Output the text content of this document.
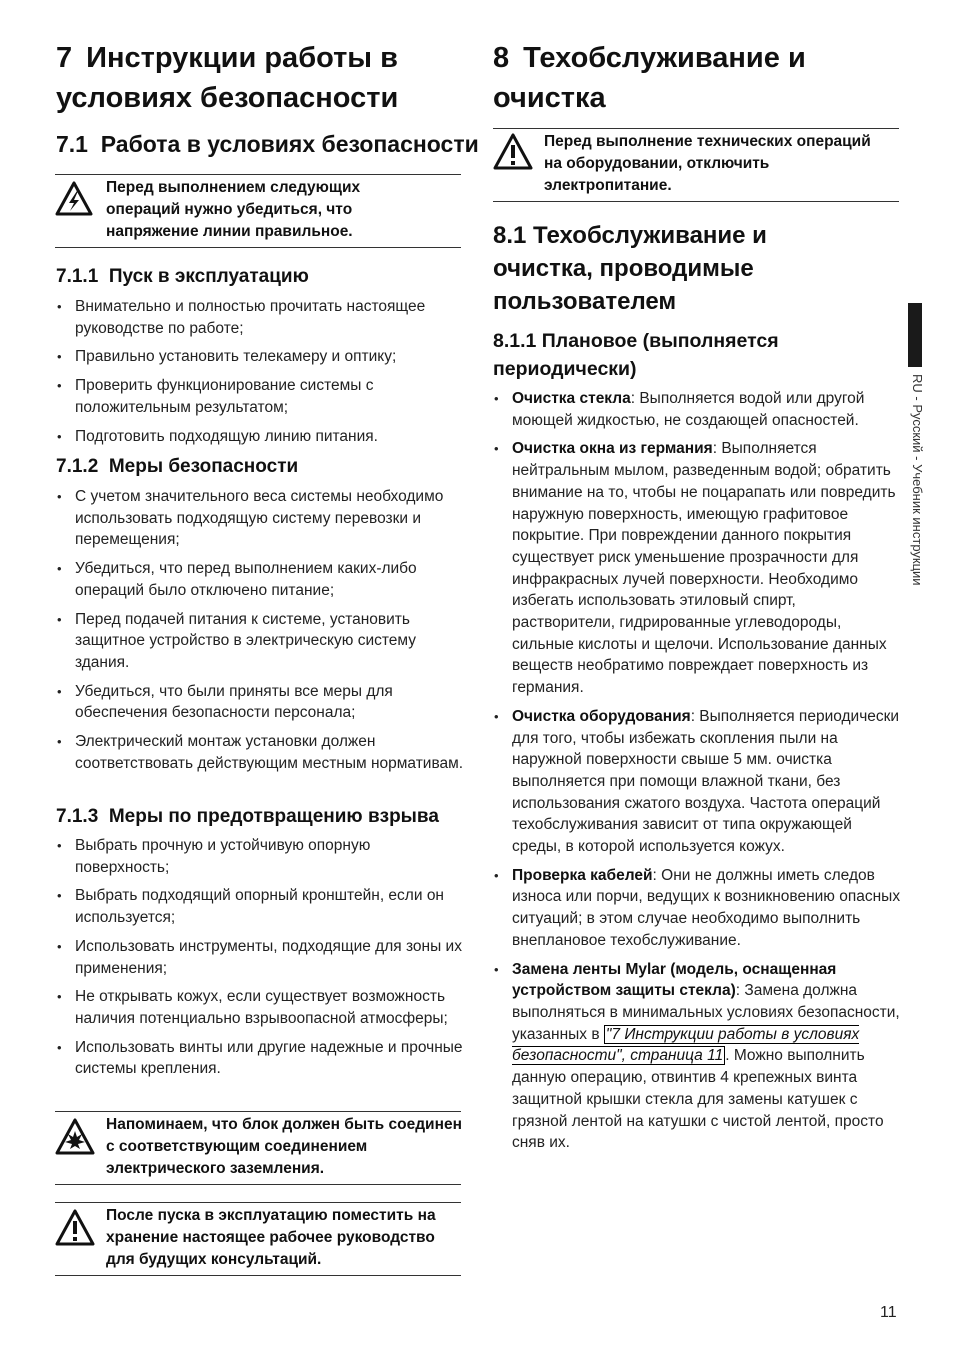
7 Инструкции работы в условиях безопасности
7.1 Работа в условиях безопасности
Перед выполнением следующих операций нужно убедиться, что напряжение линии правильное.
7.1.1  Пуск в эксплуатацию
• Внимательно и полностью прочитать настоящее руководстве по работе;
• Правильно установить телекамеру и оптику;
• Проверить функционирование системы с положительным результатом;
• Подготовить подходящую линию питания.
7.1.2  Меры безопасности
• С учетом значительного веса системы необходимо использовать подходящую систему перевозки и перемещения;
• Убедиться, что перед выполнением каких-либо операций было отключено питание;
• Перед подачей питания к системе, установить защитное устройство в электрическую систему здания.
• Убедиться, что были приняты все меры для обеспечения безопасности персонала;
• Электрический монтаж установки должен соответствовать действующим местным нормативам.
7.1.3  Меры по предотвращению взрыва
• Выбрать прочную и устойчивую опорную поверхность;
• Выбрать подходящий опорный кронштейн, если он используется;
• Использовать инструменты, подходящие для зоны их применения;
• Не открывать кожух, если существует возможность наличия потенциально взрывоопасной атмосферы;
• Использовать винты или другие надежные и прочные системы крепления.
Напоминаем, что блок должен быть соединен с соответствующим соединением электрического заземления.
После пуска в эксплуатацию поместить на хранение настоящее рабочее руководство для будущих консультаций.
8 Техобслуживание и очистка
Перед выполнение технических операций на оборудовании, отключить электропитание.
8.1 Техобслуживание и очистка, проводимые пользователем
8.1.1 Плановое (выполняется периодически)
• Очистка стекла: Выполняется водой или другой моющей жидкостью, не создающей опасностей.
• Очистка окна из германия: Выполняется нейтральным мылом, разведенным водой; обратить внимание на то, чтобы не поцарапать или повредить наружную поверхность, имеющую графитовое покрытие. При повреждении данного покрытия существует риск уменьшение прозрачности для инфракрасных лучей поверхности. Необходимо избегать использовать этиловый спирт, растворители, гидрированные углеводороды, сильные кислоты и щелочи. Использование данных веществ необратимо повреждает поверхность из германия.
• Очистка оборудования: Выполняется периодически для того, чтобы избежать скопления пыли на наружной поверхности свыше 5 мм. очистка выполняется при помощи влажной ткани, без использования сжатого воздуха. Частота операций техобслуживания зависит от типа окружающей среды, в которой используется кожух.
• Проверка кабелей: Они не должны иметь следов износа или порчи, ведущих к возникновению опасных ситуаций; в этом случае необходимо выполнить внеплановое техобслуживание.
• Замена ленты Mylar (модель, оснащенная устройством защиты стекла): Замена должна выполняться в минимальных условиях безопасности, указанных в "7 Инструкции работы в условиях безопасности", страница 11 . Можно выполнить данную операцию, отвинтив 4 крепежных винта защитной крышки стекла для замены катушек с грязной лентой на катушки с чистой лентой, просто сняв их.
RU - Русский - Учебник инструкции
11
